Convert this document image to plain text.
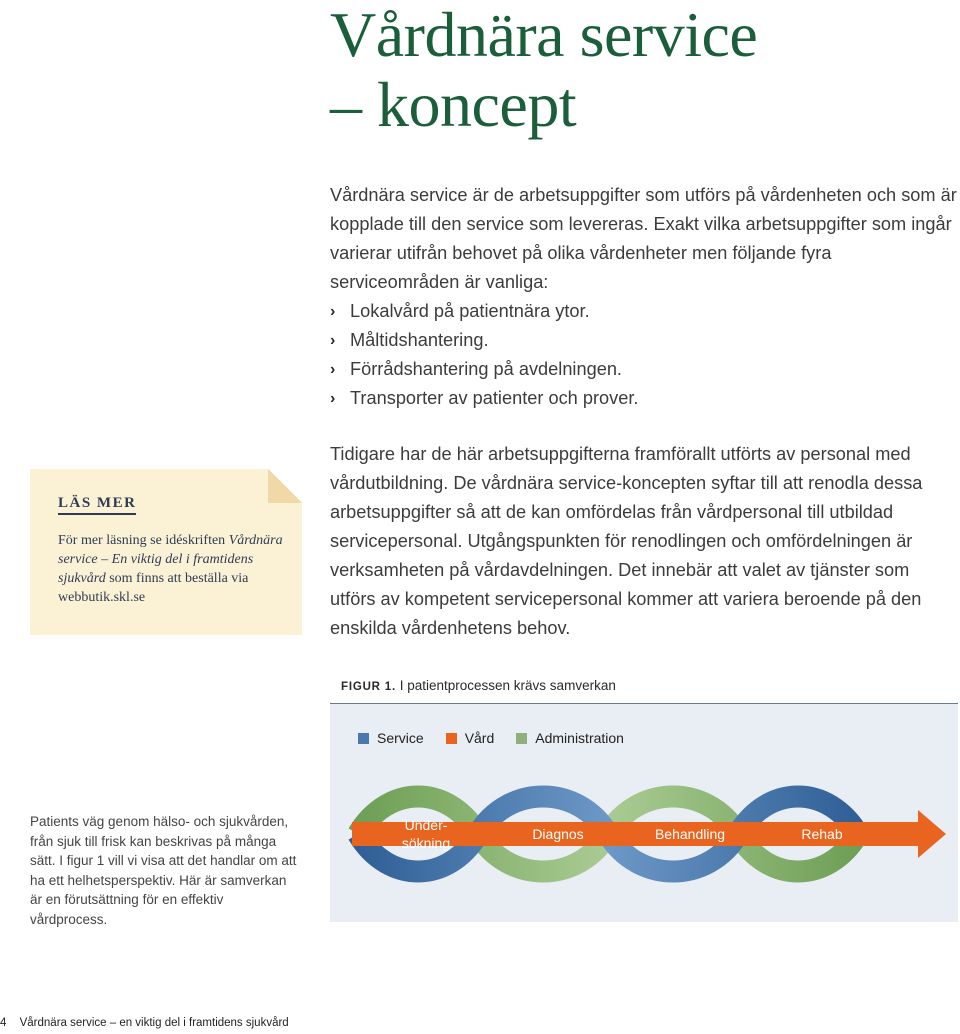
Vårdnära service
– koncept

Vårdnära service är de arbetsuppgifter som utförs på vårdenheten och som är kopplade till den service som levereras. Exakt vilka arbetsuppgifter som ingår varierar utifrån behovet på olika vårdenheter men följande fyra serviceområden är vanliga:

› Lokalvård på patientnära ytor.
› Måltidshantering.
› Förrådshantering på avdelningen.
› Transporter av patienter och prover.

Tidigare har de här arbetsuppgifterna framförallt utförts av personal med vårdutbildning. De vårdnära service-koncepten syftar till att renodla dessa arbetsuppgifter så att de kan omfördelas från vårdpersonal till utbildad servicepersonal. Utgångspunkten för renodlingen och omfördelningen är verksamheten på vårdavdelningen. Det innebär att valet av tjänster som utförs av kompetent servicepersonal kommer att variera beroende på den enskilda vårdenhetens behov.

LÄS MER

För mer läsning se idéskriften Vårdnära service – En viktig del i framtidens sjukvård som finns att beställa via webbutik.skl.se

FIGUR 1. I patientprocessen krävs samverkan
Service	Vård	Administration
Under-sökning
Diagnos	Behandling	Rehab

Patients väg genom hälso- och sjukvården, från sjuk till frisk kan beskrivas på många sätt. I figur 1 vill vi visa att det handlar om att ha ett helhetsperspektiv. Här är samverkan är en förutsättning för en effektiv vårdprocess.

4 Vårdnära service – en viktig del i framtidens sjukvård
